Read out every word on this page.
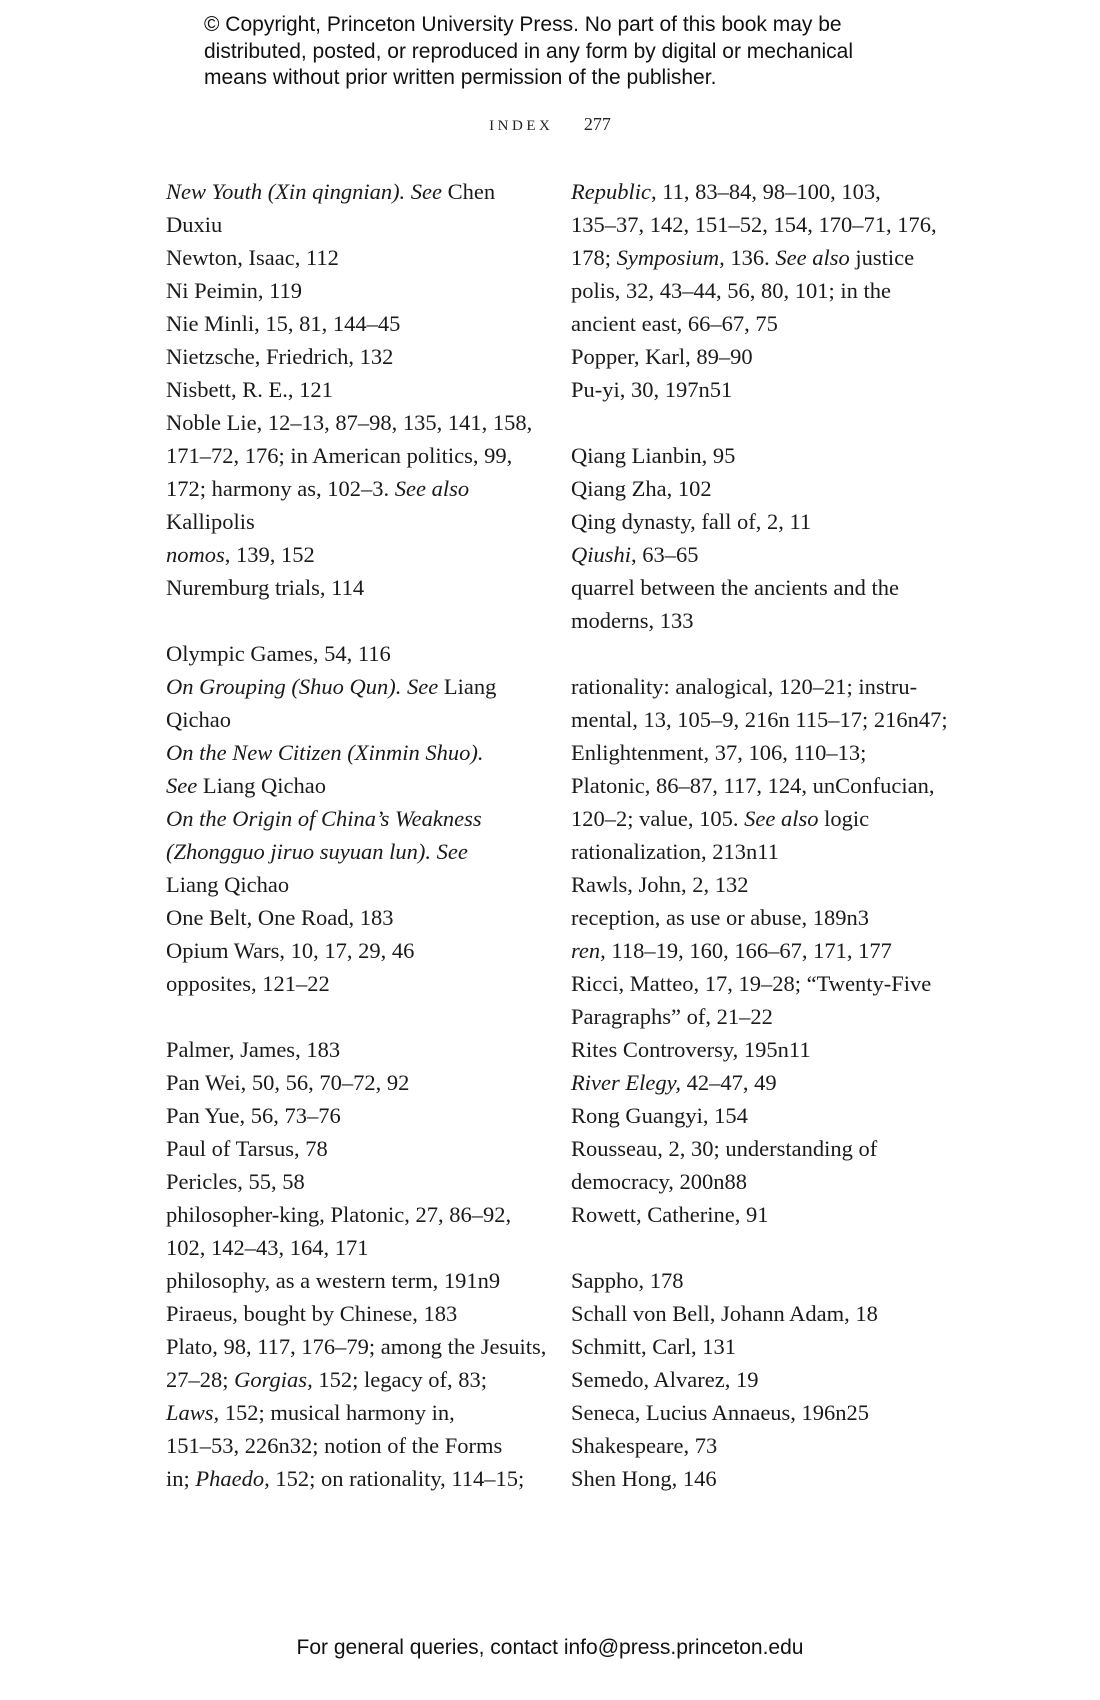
© Copyright, Princeton University Press. No part of this book may be
distributed, posted, or reproduced in any form by digital or mechanical
means without prior written permission of the publisher.
INDEX 277
New Youth (Xin qingnian). See Chen
Duxiu
Newton, Isaac, 112
Ni Peimin, 119
Nie Minli, 15, 81, 144–45
Nietzsche, Friedrich, 132
Nisbett, R. E., 121
Noble Lie, 12–13, 87–98, 135, 141, 158,
171–72, 176; in American politics, 99,
172; harmony as, 102–3. See also
Kallipolis
nomos, 139, 152
Nuremburg trials, 114
Olympic Games, 54, 116
On Grouping (Shuo Qun). See Liang
Qichao
On the New Citizen (Xinmin Shuo).
See Liang Qichao
On the Origin of China’s Weakness
(Zhongguo jiruo suyuan lun). See
Liang Qichao
One Belt, One Road, 183
Opium Wars, 10, 17, 29, 46
opposites, 121–22
Palmer, James, 183
Pan Wei, 50, 56, 70–72, 92
Pan Yue, 56, 73–76
Paul of Tarsus, 78
Pericles, 55, 58
philosopher-king, Platonic, 27, 86–92,
102, 142–43, 164, 171
philosophy, as a western term, 191n9
Piraeus, bought by Chinese, 183
Plato, 98, 117, 176–79; among the Jesuits,
27–28; Gorgias, 152; legacy of, 83;
Laws, 152; musical harmony in,
151–53, 226n32; notion of the Forms
in; Phaedo, 152; on rationality, 114–15;
Republic, 11, 83–84, 98–100, 103,
135–37, 142, 151–52, 154, 170–71, 176,
178; Symposium, 136. See also justice
polis, 32, 43–44, 56, 80, 101; in the
ancient east, 66–67, 75
Popper, Karl, 89–90
Pu-yi, 30, 197n51
Qiang Lianbin, 95
Qiang Zha, 102
Qing dynasty, fall of, 2, 11
Qiushi, 63–65
quarrel between the ancients and the
moderns, 133
rationality: analogical, 120–21; instru-
mental, 13, 105–9, 216n 115–17; 216n47;
Enlightenment, 37, 106, 110–13;
Platonic, 86–87, 117, 124, unConfucian,
120–2; value, 105. See also logic
rationalization, 213n11
Rawls, John, 2, 132
reception, as use or abuse, 189n3
ren, 118–19, 160, 166–67, 171, 177
Ricci, Matteo, 17, 19–28; “Twenty-Five
Paragraphs” of, 21–22
Rites Controversy, 195n11
River Elegy, 42–47, 49
Rong Guangyi, 154
Rousseau, 2, 30; understanding of
democracy, 200n88
Rowett, Catherine, 91
Sappho, 178
Schall von Bell, Johann Adam, 18
Schmitt, Carl, 131
Semedo, Alvarez, 19
Seneca, Lucius Annaeus, 196n25
Shakespeare, 73
Shen Hong, 146
For general queries, contact info@press.princeton.edu
